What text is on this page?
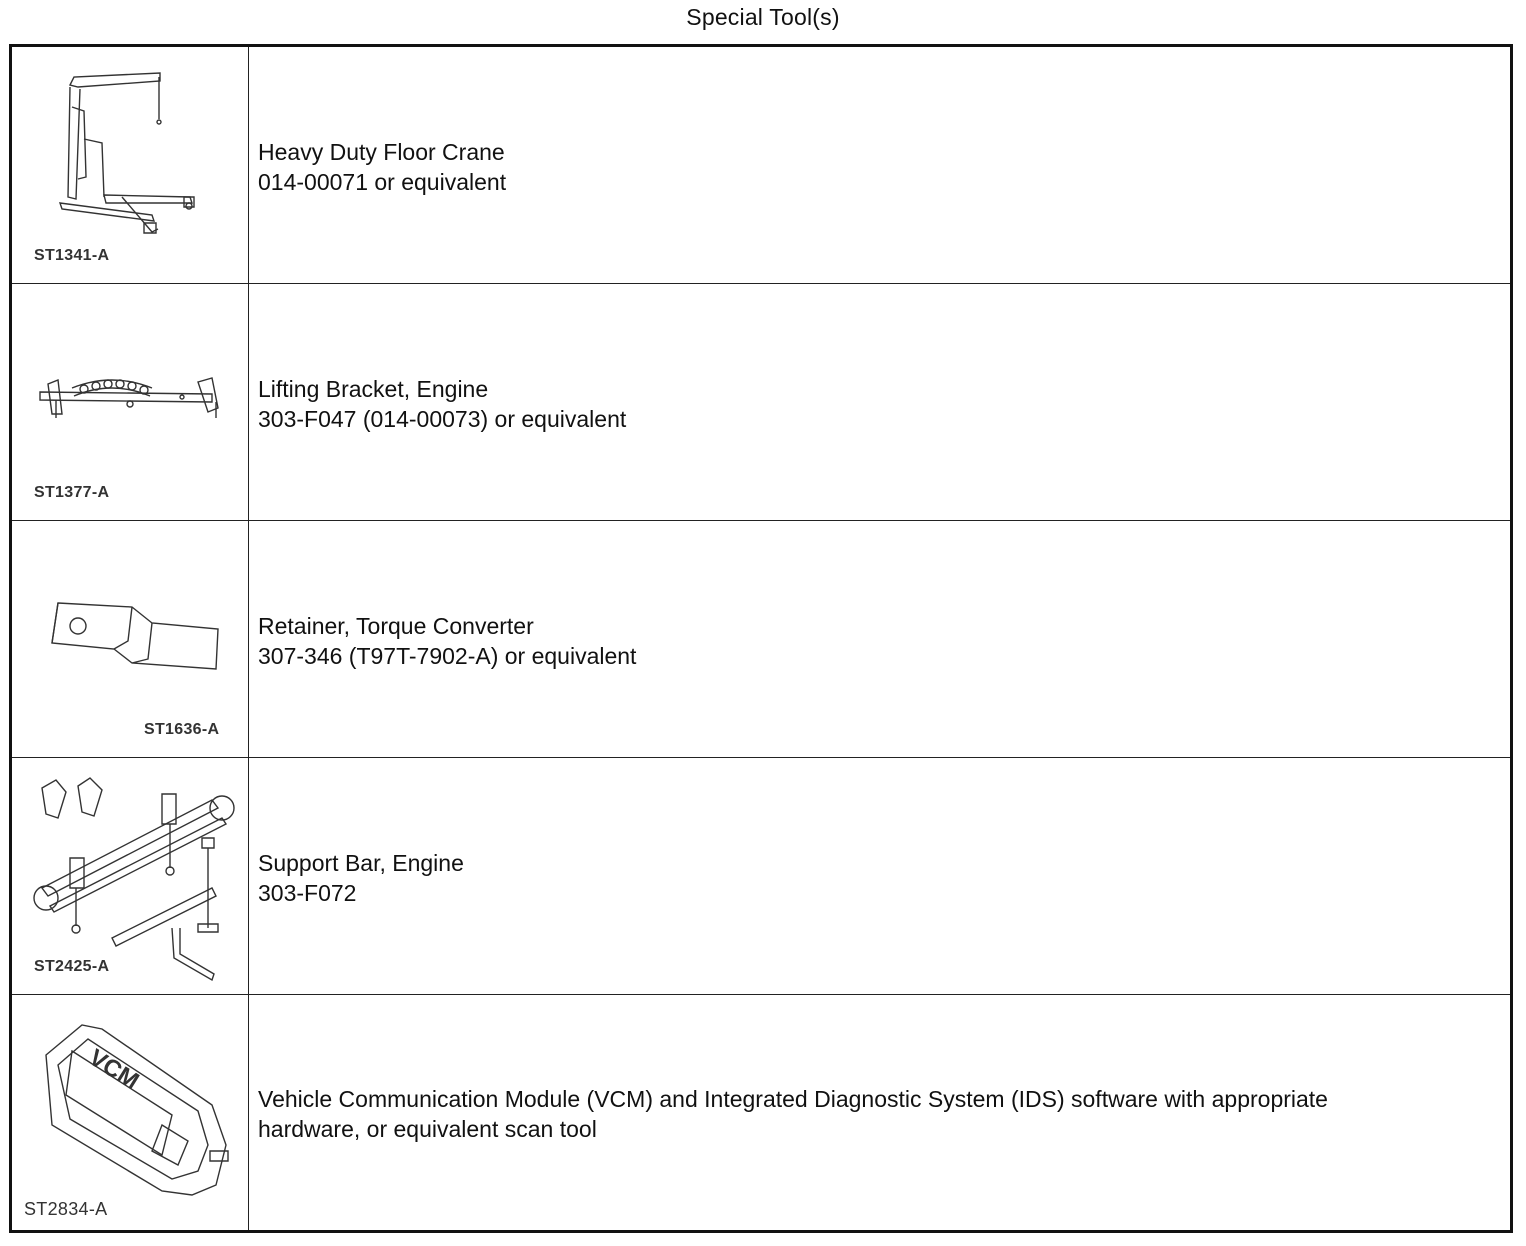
Special Tool(s)
ST1341-A
Heavy Duty Floor Crane
014-00071 or equivalent
ST1377-A
Lifting Bracket, Engine
303-F047 (014-00073) or equivalent
ST1636-A
Retainer, Torque Converter
307-346 (T97T-7902-A) or equivalent
ST2425-A
Support Bar, Engine
303-F072
VCM
ST2834-A
Vehicle Communication Module (VCM) and Integrated Diagnostic System (IDS) software with appropriate
hardware, or equivalent scan tool
